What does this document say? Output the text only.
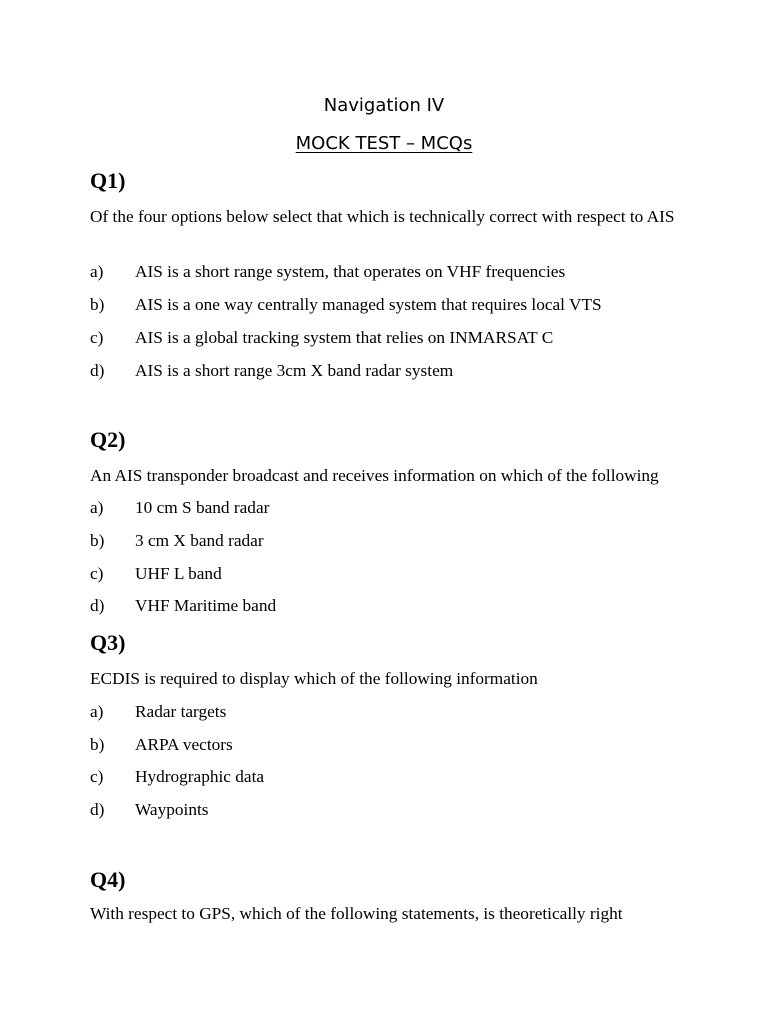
Navigation IV
MOCK TEST – MCQs
Q1)
Of the four options below select that which is technically correct with respect to AIS
a) AIS is a short range system, that operates on VHF frequencies
b) AIS is a one way centrally managed system that requires local VTS
c) AIS is a global tracking system that relies on INMARSAT C
d) AIS is a short range 3cm X band radar system
Q2)
An AIS transponder broadcast and receives information on which of the following
a) 10 cm S band radar
b) 3 cm X band radar
c) UHF L band
d) VHF Maritime band
Q3)
ECDIS is required to display which of the following information
a) Radar targets
b) ARPA vectors
c) Hydrographic data
d) Waypoints
Q4)
With respect to GPS, which of the following statements, is theoretically right
